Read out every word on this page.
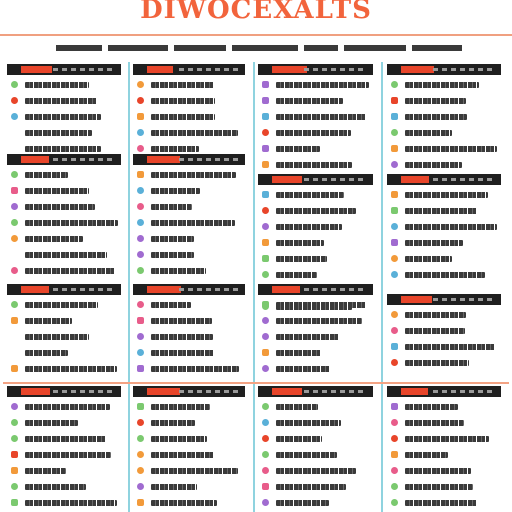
DIWOCEXALTS
